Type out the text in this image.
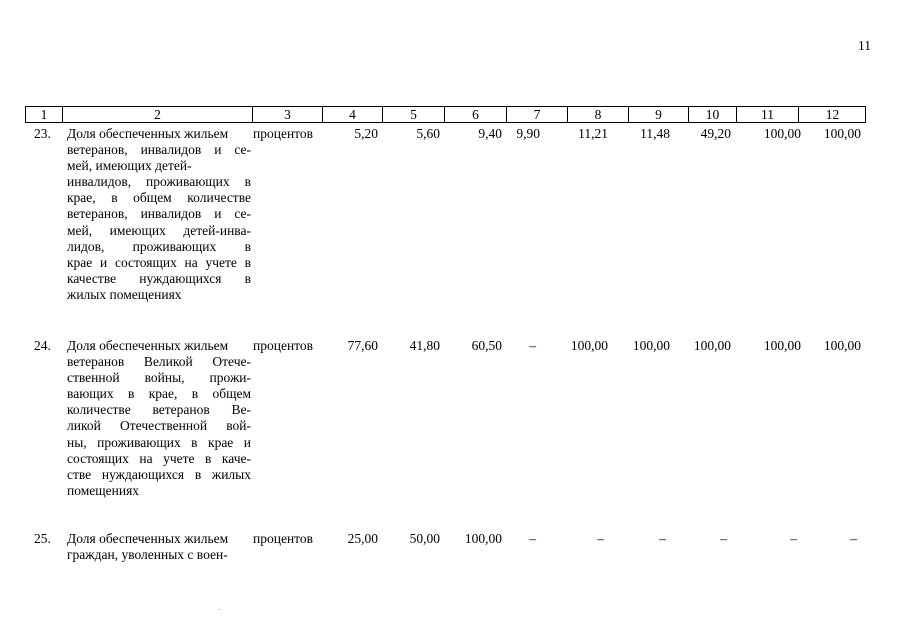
11
1	2	3	4	5	6	7	8	9	10	11	12
23. Доля обеспеченных жильем
ветеранов, инвалидов и се-
мей, имеющих детей-
инвалидов, проживающих в
крае, в общем количестве
ветеранов, инвалидов и се-
мей, имеющих детей-инва-
лидов, проживающих в
крае и состоящих на учете в
качестве нуждающихся в
жилых помещениях
процентов	5,20	5,60	9,40	9,90	11,21	11,48	49,20	100,00	100,00
24. Доля обеспеченных жильем
ветеранов Великой Отече-
ственной войны, прожи-
вающих в крае, в общем
количестве ветеранов Ве-
ликой Отечественной вой-
ны, проживающих в крае и
состоящих на учете в каче-
стве нуждающихся в жилых
помещениях
процентов	77,60	41,80	60,50	–	100,00	100,00	100,00	100,00	100,00
25. Доля обеспеченных жильем
граждан, уволенных с воен-
процентов	25,00	50,00	100,00	–	–	–	–	–	–
